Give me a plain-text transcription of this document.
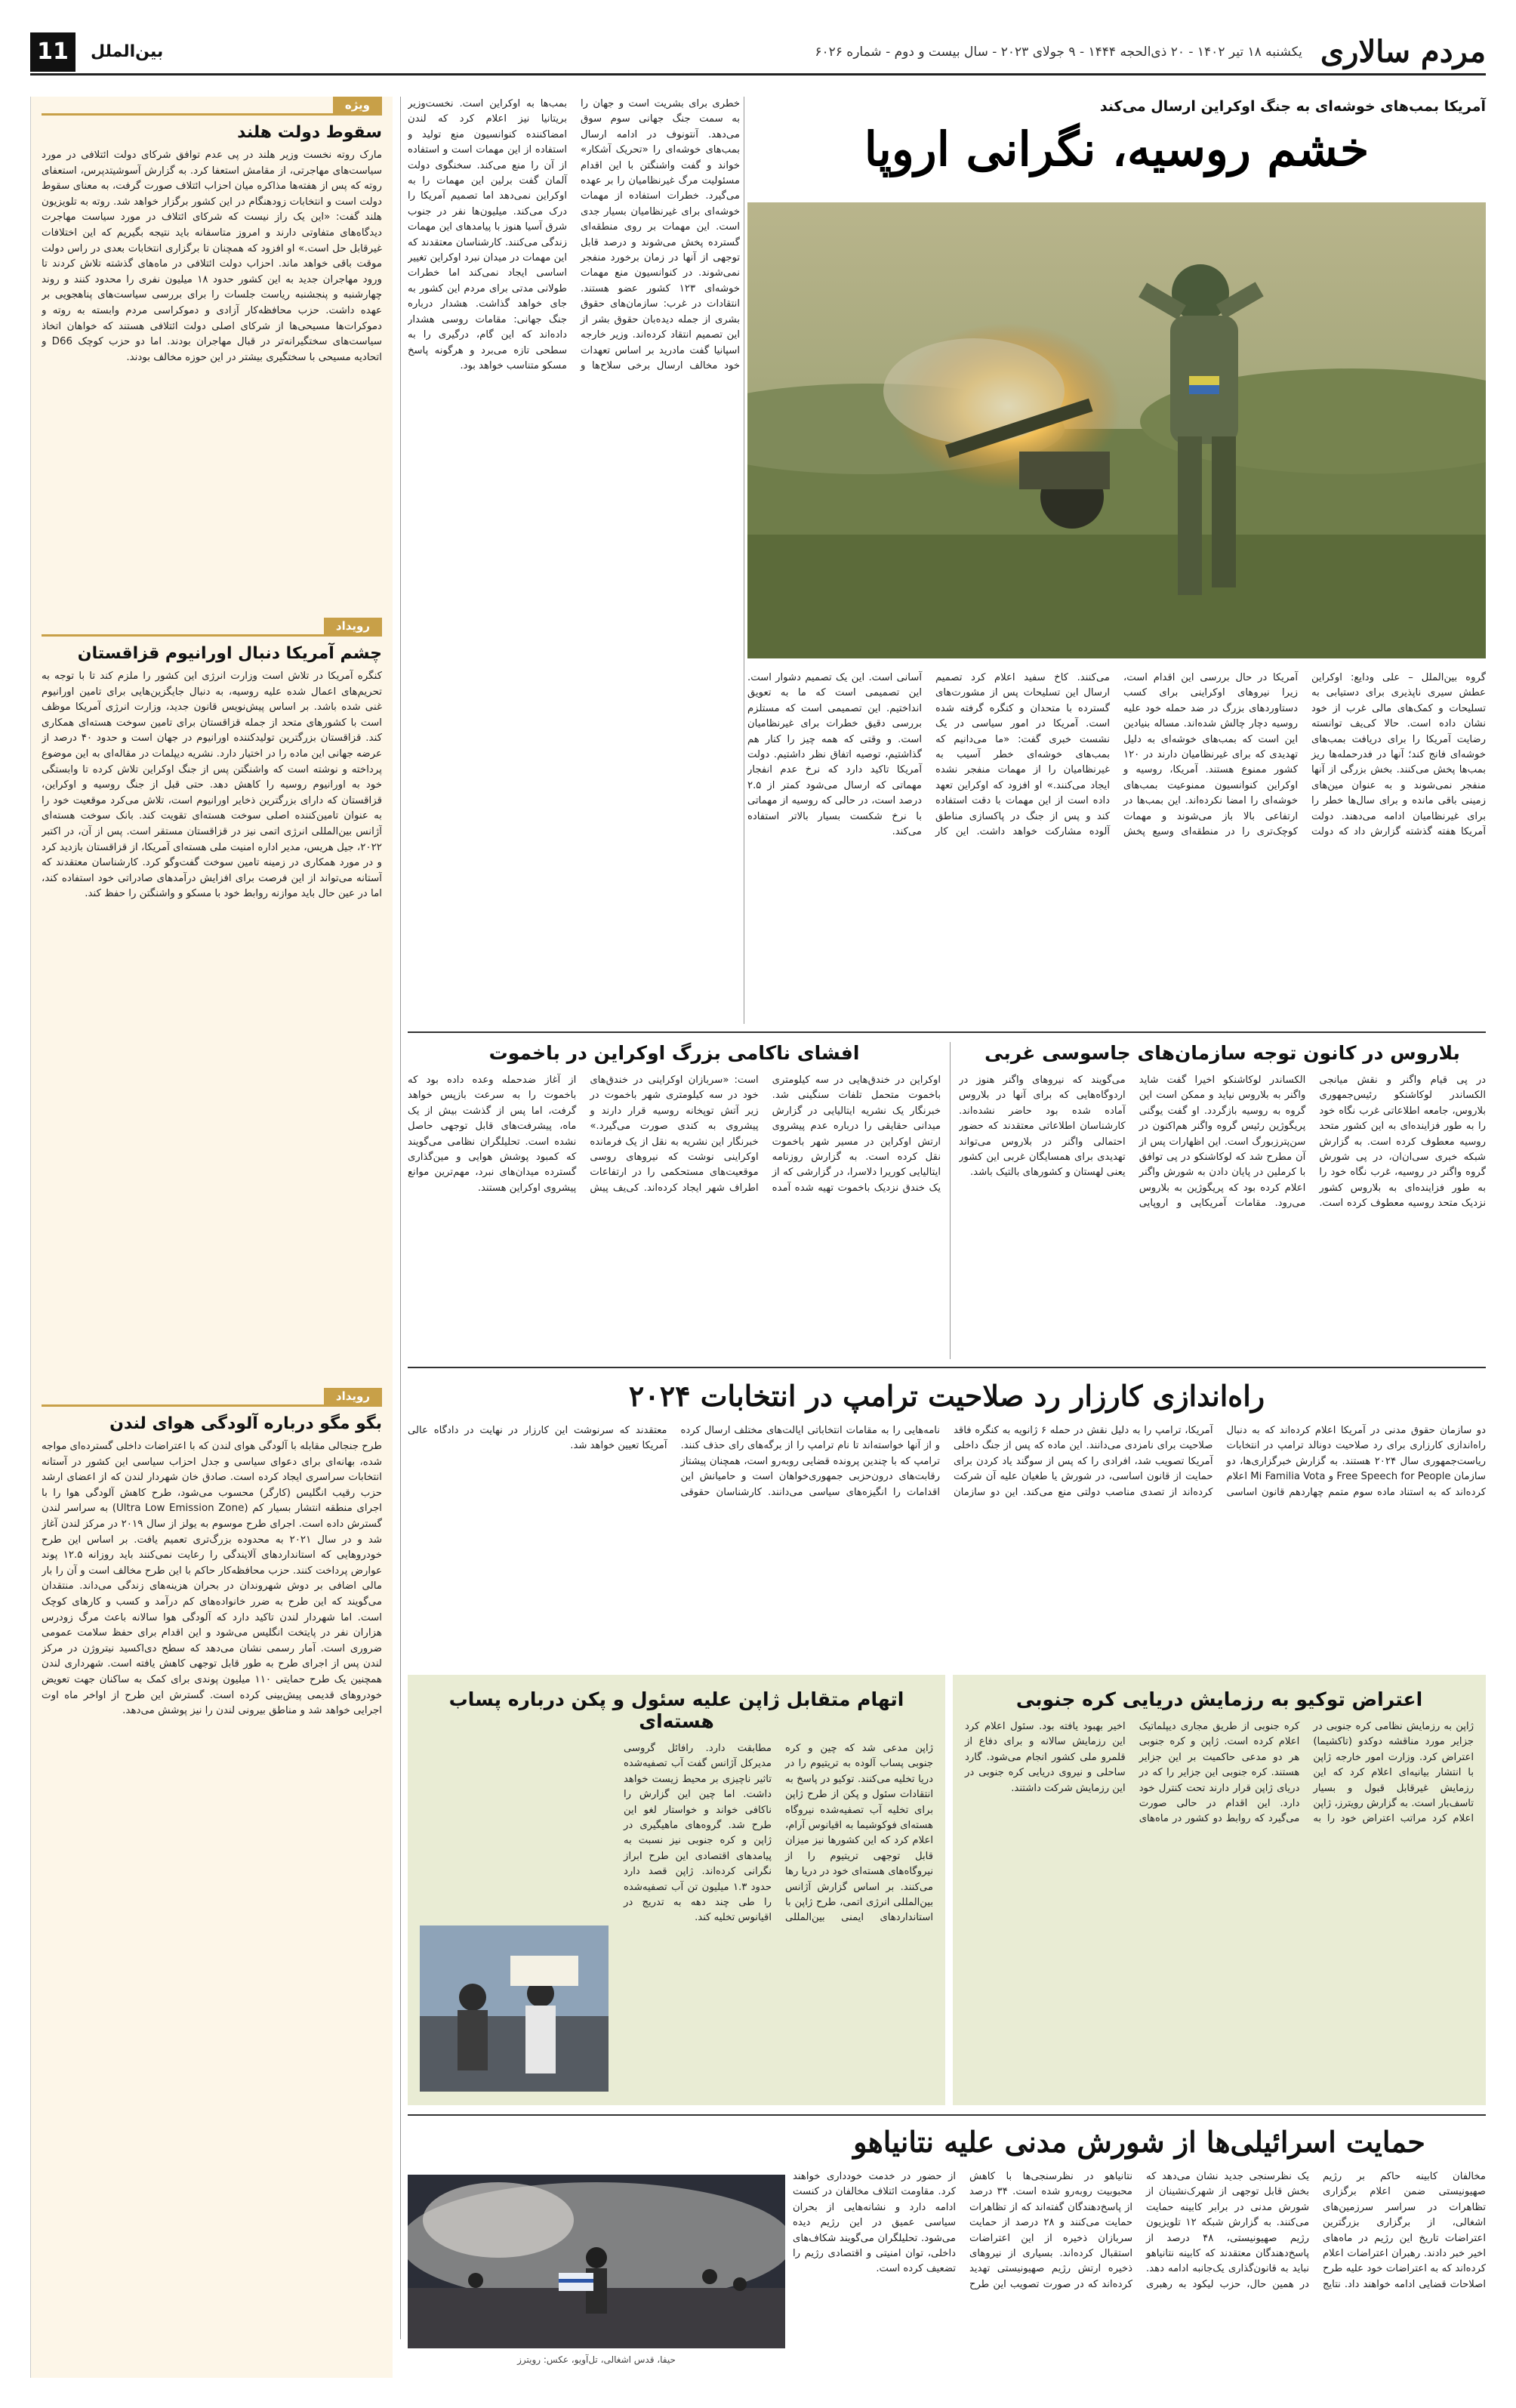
مردم سالاری
یکشنبه ۱۸ تیر ۱۴۰۲ - ۲۰ ذی‌الحجه ۱۴۴۴ - ۹ جولای ۲۰۲۳ - سال بیست و دوم - شماره ۶۰۲۶
بین‌الملل
11
آمریکا بمب‌های خوشه‌ای به جنگ اوکراین ارسال می‌کند
خشم روسیه، نگرانی اروپا
گروه بین‌الملل – علی ودایع: اوکراین عطش سیری ناپذیری برای دستیابی به تسلیحات و کمک‌های مالی غرب از خود نشان داده است. حالا کی‌یف توانسته رضایت آمریکا را برای دریافت بمب‌های خوشه‌ای فانج کند؛ آنها در فدرحمله‌ها ریز بمب‌ها پخش می‌کنند. بخش بزرگی از آنها منفجر نمی‌شوند و به عنوان مین‌های زمینی باقی مانده و برای سال‌ها خطر را برای غیرنظامیان ادامه می‌دهند. دولت آمریکا هفته گذشته گزارش داد که دولت آمریکا در حال بررسی این اقدام است، زیرا نیروهای اوکراینی برای کسب دستاوردهای بزرگ در ضد حمله خود علیه روسیه دچار چالش شده‌اند. مساله بنیادین این است که بمب‌های خوشه‌ای به دلیل تهدیدی که برای غیرنظامیان دارند در ۱۲۰ کشور ممنوع هستند. آمریکا، روسیه و اوکراین کنوانسیون ممنوعیت بمب‌های خوشه‌ای را امضا نکرده‌اند. این بمب‌ها در ارتفاعی بالا باز می‌شوند و مهمات کوچک‌تری را در منطقه‌ای وسیع پخش می‌کنند. کاخ سفید اعلام کرد تصمیم ارسال این تسلیحات پس از مشورت‌های گسترده با متحدان و کنگره گرفته شده است. آمریکا در امور سیاسی در یک نشست خبری گفت: «ما می‌دانیم که بمب‌های خوشه‌ای خطر آسیب به غیرنظامیان را از مهمات منفجر نشده ایجاد می‌کنند.» او افزود که اوکراین تعهد داده است از این مهمات با دقت استفاده کند و پس از جنگ در پاکسازی مناطق آلوده مشارکت خواهد داشت. این کار آسانی است. این یک تصمیم دشوار است. این تصمیمی است که ما به تعویق انداختیم. این تصمیمی است که مستلزم بررسی دقیق خطرات برای غیرنظامیان است. و وقتی که همه چیز را کنار هم گذاشتیم، توصیه اتفاق نظر داشتیم. دولت آمریکا تاکید دارد که نرخ عدم انفجار مهماتی که ارسال می‌شود کمتر از ۲.۵ درصد است، در حالی که روسیه از مهماتی با نرخ شکست بسیار بالاتر استفاده می‌کند.
خطری برای بشریت است و جهان را به سمت جنگ جهانی سوم سوق می‌دهد. آنتونوف در ادامه ارسال بمب‌های خوشه‌ای را «تحریک آشکار» خواند و گفت واشنگتن با این اقدام مسئولیت مرگ غیرنظامیان را بر عهده می‌گیرد. خطرات استفاده از مهمات خوشه‌ای برای غیرنظامیان بسیار جدی است. این مهمات بر روی منطقه‌ای گسترده پخش می‌شوند و درصد قابل توجهی از آنها در زمان برخورد منفجر نمی‌شوند. در کنوانسیون منع مهمات خوشه‌ای ۱۲۳ کشور عضو هستند. انتقادات در غرب: سازمان‌های حقوق بشری از جمله دیده‌بان حقوق بشر از این تصمیم انتقاد کرده‌اند. وزیر خارجه اسپانیا گفت مادرید بر اساس تعهدات خود مخالف ارسال برخی سلاح‌ها و بمب‌ها به اوکراین است. نخست‌وزیر بریتانیا نیز اعلام کرد که لندن امضاکننده کنوانسیون منع تولید و استفاده از این مهمات است و استفاده از آن را منع می‌کند. سخنگوی دولت آلمان گفت برلین این مهمات را به اوکراین نمی‌دهد اما تصمیم آمریکا را درک می‌کند. میلیون‌ها نفر در جنوب شرق آسیا هنوز با پیامدهای این مهمات زندگی می‌کنند. کارشناسان معتقدند که این مهمات در میدان نبرد اوکراین تغییر اساسی ایجاد نمی‌کند اما خطرات طولانی مدتی برای مردم این کشور به جای خواهد گذاشت. هشدار درباره جنگ جهانی: مقامات روسی هشدار داده‌اند که این گام، درگیری را به سطحی تازه می‌برد و هرگونه پاسخ مسکو متناسب خواهد بود.
ویژه
سقوط دولت هلند
مارک روته نخست وزیر هلند در پی عدم توافق شرکای دولت ائتلافی در مورد سیاست‌های مهاجرتی، از مقامش استعفا کرد. به گزارش آسوشیتدپرس، استعفای روته که پس از هفته‌ها مذاکره میان احزاب ائتلاف صورت گرفت، به معنای سقوط دولت است و انتخابات زودهنگام در این کشور برگزار خواهد شد. روته به تلویزیون هلند گفت: «این یک راز نیست که شرکای ائتلاف در مورد سیاست مهاجرت دیدگاه‌های متفاوتی دارند و امروز متاسفانه باید نتیجه بگیریم که این اختلافات غیرقابل حل است.» او افزود که همچنان تا برگزاری انتخابات بعدی در راس دولت موقت باقی خواهد ماند. احزاب دولت ائتلافی در ماه‌های گذشته تلاش کردند تا ورود مهاجران جدید به این کشور حدود ۱۸ میلیون نفری را محدود کنند و روند چهارشنبه و پنجشنبه ریاست جلسات را برای بررسی سیاست‌های پناهجویی بر عهده داشت. حزب محافظه‌کار آزادی و دموکراسی مردم وابسته به روته و دموکرات‌ها مسیحی‌ها از شرکای اصلی دولت ائتلافی هستند که خواهان اتخاذ سیاست‌های سختگیرانه‌تر در قبال مهاجران بودند. اما دو حزب کوچک D66 و اتحادیه مسیحی با سختگیری بیشتر در این حوزه مخالف بودند.
رویداد
چشم آمریکا دنبال اورانیوم قزاقستان
کنگره آمریکا در تلاش است وزارت انرژی این کشور را ملزم کند تا با توجه به تحریم‌های اعمال شده علیه روسیه، به دنبال جایگزین‌هایی برای تامین اورانیوم غنی شده باشد. بر اساس پیش‌نویس قانون جدید، وزارت انرژی آمریکا موظف است با کشورهای متحد از جمله قزاقستان برای تامین سوخت هسته‌ای همکاری کند. قزاقستان بزرگترین تولیدکننده اورانیوم در جهان است و حدود ۴۰ درصد از عرضه جهانی این ماده را در اختیار دارد. نشریه دیپلمات در مقاله‌ای به این موضوع پرداخته و نوشته است که واشنگتن پس از جنگ اوکراین تلاش کرده تا وابستگی خود به اورانیوم روسیه را کاهش دهد. حتی قبل از جنگ روسیه و اوکراین، قزاقستان که دارای بزرگترین ذخایر اورانیوم است، تلاش می‌کرد موقعیت خود را به عنوان تامین‌کننده اصلی سوخت هسته‌ای تقویت کند. بانک سوخت هسته‌ای آژانس بین‌المللی انرژی اتمی نیز در قزاقستان مستقر است. پس از آن، در اکتبر ۲۰۲۲، جیل هریس، مدیر اداره امنیت ملی هسته‌ای آمریکا، از قزاقستان بازدید کرد و در مورد همکاری در زمینه تامین سوخت گفت‌وگو کرد. کارشناسان معتقدند که آستانه می‌تواند از این فرصت برای افزایش درآمدهای صادراتی خود استفاده کند، اما در عین حال باید موازنه روابط خود با مسکو و واشنگتن را حفظ کند.
رویداد
بگو مگو درباره آلودگی هوای لندن
طرح جنجالی مقابله با آلودگی هوای لندن که با اعتراضات داخلی گسترده‌ای مواجه شده، بهانه‌ای برای دعوای سیاسی و جدل احزاب سیاسی این کشور در آستانه انتخابات سراسری ایجاد کرده است. صادق خان شهردار لندن که از اعضای ارشد حزب رقیب انگلیس (کارگر) محسوب می‌شود، طرح کاهش آلودگی هوا را با اجرای منطقه انتشار بسیار کم (Ultra Low Emission Zone) به سراسر لندن گسترش داده است. اجرای طرح موسوم به یولز از سال ۲۰۱۹ در مرکز لندن آغاز شد و در سال ۲۰۲۱ به محدوده بزرگ‌تری تعمیم یافت. بر اساس این طرح خودروهایی که استانداردهای آلایندگی را رعایت نمی‌کنند باید روزانه ۱۲.۵ پوند عوارض پرداخت کنند. حزب محافظه‌کار حاکم با این طرح مخالف است و آن را بار مالی اضافی بر دوش شهروندان در بحران هزینه‌های زندگی می‌داند. منتقدان می‌گویند که این طرح به ضرر خانواده‌های کم درآمد و کسب و کارهای کوچک است. اما شهردار لندن تاکید دارد که آلودگی هوا سالانه باعث مرگ زودرس هزاران نفر در پایتخت انگلیس می‌شود و این اقدام برای حفظ سلامت عمومی ضروری است. آمار رسمی نشان می‌دهد که سطح دی‌اکسید نیتروژن در مرکز لندن پس از اجرای طرح به طور قابل توجهی کاهش یافته است. شهرداری لندن همچنین یک طرح حمایتی ۱۱۰ میلیون پوندی برای کمک به ساکنان جهت تعویض خودروهای قدیمی پیش‌بینی کرده است. گسترش این طرح از اواخر ماه اوت اجرایی خواهد شد و مناطق بیرونی لندن را نیز پوشش می‌دهد.
بلاروس در کانون توجه سازمان‌های جاسوسی غربی
در پی قیام واگنر و نقش میانجی الکساندر لوکاشنکو رئیس‌جمهوری بلاروس، جامعه اطلاعاتی غرب نگاه خود را به طور فزاینده‌ای به این کشور متحد روسیه معطوف کرده است. به گزارش شبکه خبری سی‌ان‌ان، در پی شورش گروه واگنر در روسیه، غرب نگاه خود را به طور فزاینده‌ای به بلاروس کشور نزدیک متحد روسیه معطوف کرده است. الکساندر لوکاشنکو اخیرا گفت شاید واگنر به بلاروس نیاید و ممکن است این گروه به روسیه بازگردد. او گفت یوگنی پریگوژین رئیس گروه واگنر هم‌اکنون در سن‌پترزبورگ است. این اظهارات پس از آن مطرح شد که لوکاشنکو در پی توافق با کرملین در پایان دادن به شورش واگنر اعلام کرده بود که پریگوژین به بلاروس می‌رود. مقامات آمریکایی و اروپایی می‌گویند که نیروهای واگنر هنوز در اردوگاه‌هایی که برای آنها در بلاروس آماده شده بود حاضر نشده‌اند. کارشناسان اطلاعاتی معتقدند که حضور احتمالی واگنر در بلاروس می‌تواند تهدیدی برای همسایگان غربی این کشور یعنی لهستان و کشورهای بالتیک باشد.
افشای ناکامی بزرگ اوکراین در باخموت
اوکراین در خندق‌هایی در سه کیلومتری باخموت متحمل تلفات سنگینی شد. خبرنگار یک نشریه ایتالیایی در گزارش میدانی حقایقی را درباره عدم پیشروی ارتش اوکراین در مسیر شهر باخموت نقل کرده است. به گزارش روزنامه ایتالیایی کوریرا دلاسرا، در گزارشی که از یک خندق نزدیک باخموت تهیه شده آمده است: «سربازان اوکراینی در خندق‌های خود در سه کیلومتری شهر باخموت در زیر آتش توپخانه روسیه قرار دارند و پیشروی به کندی صورت می‌گیرد.» خبرنگار این نشریه به نقل از یک فرمانده اوکراینی نوشت که نیروهای روسی موقعیت‌های مستحکمی را در ارتفاعات اطراف شهر ایجاد کرده‌اند. کی‌یف پیش از آغاز ضدحمله وعده داده بود که باخموت را به سرعت بازپس خواهد گرفت، اما پس از گذشت بیش از یک ماه، پیشرفت‌های قابل توجهی حاصل نشده است. تحلیلگران نظامی می‌گویند که کمبود پوشش هوایی و مین‌گذاری گسترده میدان‌های نبرد، مهم‌ترین موانع پیشروی اوکراین هستند.
راه‌اندازی کارزار رد صلاحیت ترامپ در انتخابات ۲۰۲۴
دو سازمان حقوق مدنی در آمریکا اعلام کرده‌اند که به دنبال راه‌اندازی کارزاری برای رد صلاحیت دونالد ترامپ در انتخابات ریاست‌جمهوری سال ۲۰۲۴ هستند. به گزارش خبرگزاری‌ها، دو سازمان Free Speech for People و Mi Familia Vota اعلام کرده‌اند که به استناد ماده سوم متمم چهاردهم قانون اساسی آمریکا، ترامپ را به دلیل نقش در حمله ۶ ژانویه به کنگره فاقد صلاحیت برای نامزدی می‌دانند. این ماده که پس از جنگ داخلی آمریکا تصویب شد، افرادی را که پس از سوگند یاد کردن برای حمایت از قانون اساسی، در شورش یا طغیان علیه آن شرکت کرده‌اند از تصدی مناصب دولتی منع می‌کند. این دو سازمان نامه‌هایی را به مقامات انتخاباتی ایالت‌های مختلف ارسال کرده و از آنها خواسته‌اند تا نام ترامپ را از برگه‌های رای حذف کنند. ترامپ که با چندین پرونده قضایی روبه‌رو است، همچنان پیشتاز رقابت‌های درون‌حزبی جمهوری‌خواهان است و حامیانش این اقدامات را انگیزه‌های سیاسی می‌دانند. کارشناسان حقوقی معتقدند که سرنوشت این کارزار در نهایت در دادگاه عالی آمریکا تعیین خواهد شد.
اعتراض توکیو به رزمایش دریایی کره جنوبی
ژاپن به رزمایش نظامی کره جنوبی در جزایر مورد مناقشه دوکدو (تاکشیما) اعتراض کرد. وزارت امور خارجه ژاپن با انتشار بیانیه‌ای اعلام کرد که این رزمایش غیرقابل قبول و بسیار تاسف‌بار است. به گزارش رویترز، ژاپن اعلام کرد مراتب اعتراض خود را به کره جنوبی از طریق مجاری دیپلماتیک اعلام کرده است. ژاپن و کره جنوبی هر دو مدعی حاکمیت بر این جزایر هستند. کره جنوبی این جزایر را که در دریای ژاپن قرار دارند تحت کنترل خود دارد. این اقدام در حالی صورت می‌گیرد که روابط دو کشور در ماه‌های اخیر بهبود یافته بود. سئول اعلام کرد این رزمایش سالانه و برای دفاع از قلمرو ملی کشور انجام می‌شود. گارد ساحلی و نیروی دریایی کره جنوبی در این رزمایش شرکت داشتند.
اتهام متقابل ژاپن علیه سئول و پکن درباره پساب هسته‌ای
ژاپن مدعی شد که چین و کره جنوبی پساب آلوده به تریتیوم را در دریا تخلیه می‌کنند. توکیو در پاسخ به انتقادات سئول و پکن از طرح ژاپن برای تخلیه آب تصفیه‌شده نیروگاه هسته‌ای فوکوشیما به اقیانوس آرام، اعلام کرد که این کشورها نیز میزان قابل توجهی تریتیوم را از نیروگاه‌های هسته‌ای خود در دریا رها می‌کنند. بر اساس گزارش آژانس بین‌المللی انرژی اتمی، طرح ژاپن با استانداردهای ایمنی بین‌المللی مطابقت دارد. رافائل گروسی مدیرکل آژانس گفت آب تصفیه‌شده تاثیر ناچیزی بر محیط زیست خواهد داشت. اما چین این گزارش را ناکافی خواند و خواستار لغو این طرح شد. گروه‌های ماهیگیری در ژاپن و کره جنوبی نیز نسبت به پیامدهای اقتصادی این طرح ابراز نگرانی کرده‌اند. ژاپن قصد دارد حدود ۱.۳ میلیون تن آب تصفیه‌شده را طی چند دهه به تدریج در اقیانوس تخلیه کند.
حمایت اسرائیلی‌ها از شورش مدنی علیه نتانیاهو
مخالفان کابینه حاکم بر رژیم صهیونیستی ضمن اعلام برگزاری تظاهرات در سراسر سرزمین‌های اشغالی، از برگزاری بزرگترین اعتراضات تاریخ این رژیم در ماه‌های اخیر خبر دادند. رهبران اعتراضات اعلام کرده‌اند که به اعتراضات خود علیه طرح اصلاحات قضایی ادامه خواهند داد. نتایج یک نظرسنجی جدید نشان می‌دهد که بخش قابل توجهی از شهرک‌نشینان از شورش مدنی در برابر کابینه حمایت می‌کنند. به گزارش شبکه ۱۲ تلویزیون رژیم صهیونیستی، ۴۸ درصد از پاسخ‌دهندگان معتقدند که کابینه نتانیاهو نباید به قانون‌گذاری یک‌جانبه ادامه دهد. در همین حال، حزب لیکود به رهبری نتانیاهو در نظرسنجی‌ها با کاهش محبوبیت روبه‌رو شده است. ۳۴ درصد از پاسخ‌دهندگان گفته‌اند که از تظاهرات حمایت می‌کنند و ۲۸ درصد از حمایت سربازان ذخیره از این اعتراضات استقبال کرده‌اند. بسیاری از نیروهای ذخیره ارتش رژیم صهیونیستی تهدید کرده‌اند که در صورت تصویب این طرح از حضور در خدمت خودداری خواهند کرد. مقاومت ائتلاف مخالفان در کنست ادامه دارد و نشانه‌هایی از بحران سیاسی عمیق در این رژیم دیده می‌شود. تحلیلگران می‌گویند شکاف‌های داخلی، توان امنیتی و اقتصادی رژیم را تضعیف کرده است.
حیفا، قدس اشغالی، تل‌آویو، عکس: رویترز
